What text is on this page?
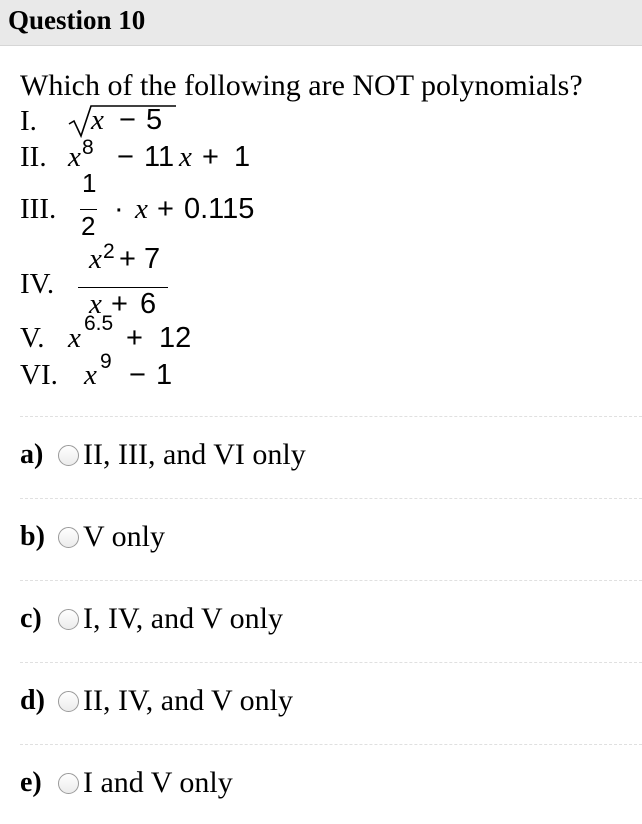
Question 10
Which of the following are NOT polynomials?
I. x − 5
II. x 8 − 11 x + 1
III.
1
2
· x + 0.115
IV.
x 2 + 7
x + 6
V. x 6.5 + 12
VI. x 9 − 1
a)	II, III, and VI only
b)	V only
c)	I, IV, and V only
d)	II, IV, and V only
e)	I and V only
